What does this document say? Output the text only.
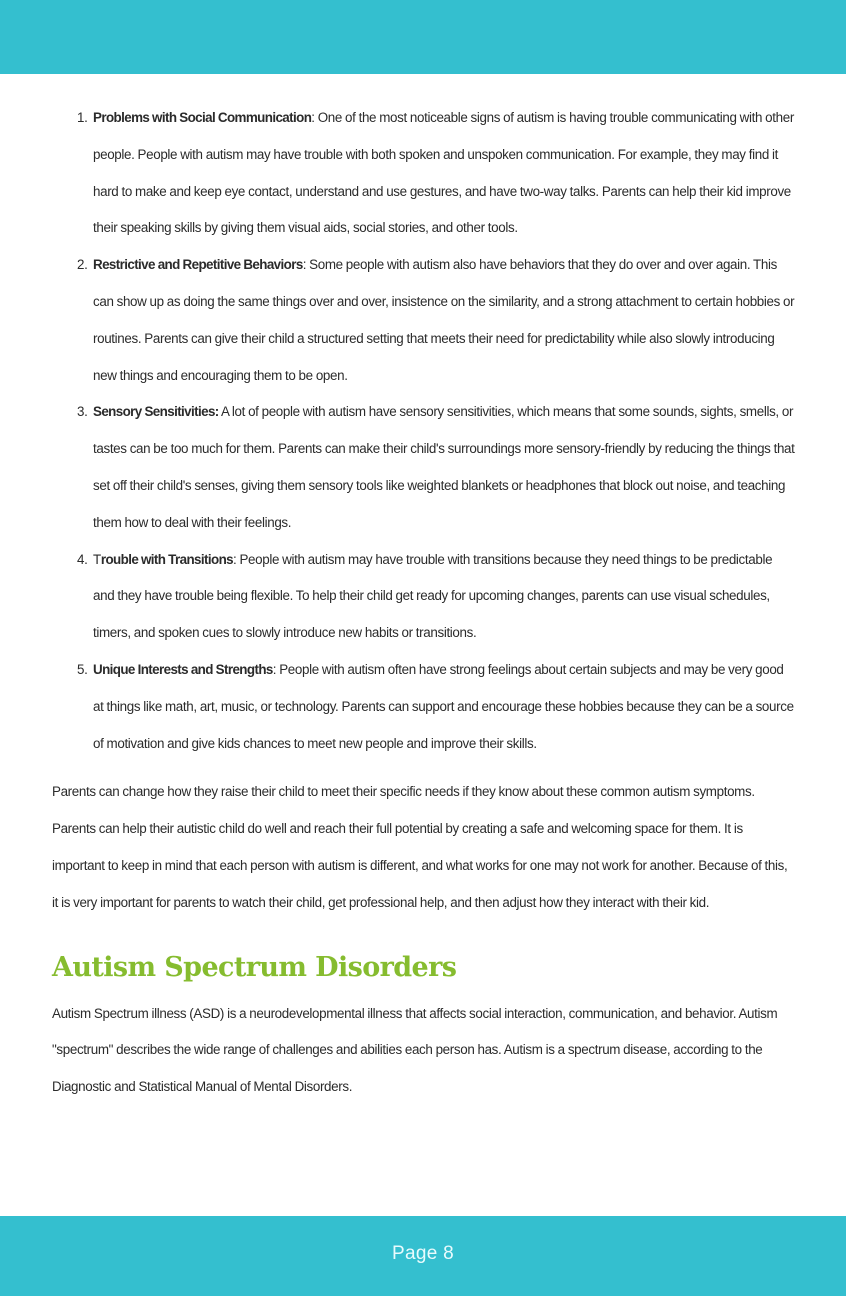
Problems with Social Communication: One of the most noticeable signs of autism is having trouble communicating with other people. People with autism may have trouble with both spoken and unspoken communication. For example, they may find it hard to make and keep eye contact, understand and use gestures, and have two-way talks. Parents can help their kid improve their speaking skills by giving them visual aids, social stories, and other tools.
Restrictive and Repetitive Behaviors: Some people with autism also have behaviors that they do over and over again. This can show up as doing the same things over and over, insistence on the similarity, and a strong attachment to certain hobbies or routines. Parents can give their child a structured setting that meets their need for predictability while also slowly introducing new things and encouraging them to be open.
Sensory Sensitivities: A lot of people with autism have sensory sensitivities, which means that some sounds, sights, smells, or tastes can be too much for them. Parents can make their child's surroundings more sensory-friendly by reducing the things that set off their child's senses, giving them sensory tools like weighted blankets or headphones that block out noise, and teaching them how to deal with their feelings.
Trouble with Transitions: People with autism may have trouble with transitions because they need things to be predictable and they have trouble being flexible. To help their child get ready for upcoming changes, parents can use visual schedules, timers, and spoken cues to slowly introduce new habits or transitions.
Unique Interests and Strengths: People with autism often have strong feelings about certain subjects and may be very good at things like math, art, music, or technology. Parents can support and encourage these hobbies because they can be a source of motivation and give kids chances to meet new people and improve their skills.

Parents can change how they raise their child to meet their specific needs if they know about these common autism symptoms. Parents can help their autistic child do well and reach their full potential by creating a safe and welcoming space for them. It is important to keep in mind that each person with autism is different, and what works for one may not work for another. Because of this, it is very important for parents to watch their child, get professional help, and then adjust how they interact with their kid.

Autism Spectrum Disorders

Autism Spectrum illness (ASD) is a neurodevelopmental illness that affects social interaction, communication, and behavior. Autism "spectrum" describes the wide range of challenges and abilities each person has. Autism is a spectrum disease, according to the Diagnostic and Statistical Manual of Mental Disorders.

Page 8
